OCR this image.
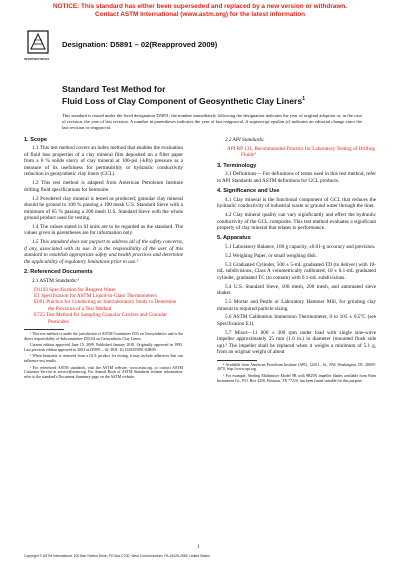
NOTICE: This standard has either been superseded and replaced by a new version or withdrawn.
Contact ASTM International (www.astm.org) for the latest information
INTERNATIONAL
Designation: D5891 – 02(Reapproved 2009)
Standard Test Method for
Fluid Loss of Clay Component of Geosynthetic Clay Liners$^1$
This standard is issued under the fixed designation D5891; the number immediately following the designation indicates the year of original adoption or, in the case of revision, the year of last revision. A number in parentheses indicates the year of last reapproval. A superscript epsilon (ε) indicates an editorial change since the last revision or reapproval.
1. Scope
1.1 This test method covers an index method that enables the evaluation of fluid loss properties of a clay mineral film deposited on a filter paper from a 6 % solids slurry of clay mineral at 100-psi (-kPa) pressure as a measure of its usefulness for permeability or hydraulic conductivity reduction in geosynthetic clay liners (GCL).
1.2 This test method is adapted from American Petroleum Institute drilling fluid specifications for bentonite.
1.3 Powdered clay mineral is tested as produced; granular clay mineral should be ground to 100 % passing a 100 mesh U.S. Standard Sieve with a minimum of 65 % passing a 200 mesh U.S. Standard Sieve with the whole ground product used for testing.
1.4 The values stated in SI units are to be regarded as the standard. The values given in parentheses are for information only.
1.5 This standard does not purport to address all of the safety concerns, if any, associated with its use. It is the responsibility of the user of this standard to establish appropriate safety and health practices and determine the applicability of regulatory limitations prior to use.²
2. Referenced Documents
2.1 ASTM Standards:³
D1193 Specification for Reagent Water
E1 Specification for ASTM Liquid-in-Glass Thermometers
E691 Practice for Conducting an Interlaboratory Study to Determine the Precision of a Test Method
E725 Test Method for Sampling Granular Carriers and Granular Pesticides
¹ This test method is under the jurisdiction of ASTM Committee D35 on Geosynthetics and is the direct responsibility of Subcommittee D35.04 on Geosynthetic Clay Liners.
Current edition approved June 15, 2009. Published January 2010. Originally approved in 1995. Last previous edition approved in 2002 as D5891 – 02. DOI: 10.1520/D5891-02R09.
² When bentonite is removed from a GCL product for testing, it may include adhesives that can influence test results.
³ For referenced ASTM standards, visit the ASTM website, www.astm.org, or contact ASTM Customer Service at service@astm.org. For Annual Book of ASTM Standards volume information, refer to the standard's Document Summary page on the ASTM website.
2.2 API Standards:
API RP 131, Recommended Practice for Laboratory Testing of Drilling Fluids⁴
3. Terminology
3.1 Definitions— For definitions of terms used in this test method, refer to API Standards and ASTM definitions for GCL products.
4. Significance and Use
4.1 Clay mineral is the functional component of GCL that reduces the hydraulic conductivity of industrial waste or ground water through the liner.
4.2 Clay mineral quality can vary significantly and effect the hydraulic conductivity of the GCL composite. This test method evaluates a significant property of clay mineral that relates to performance.
5. Apparatus
5.1 Laboratory Balance, 100 g capacity, ±0.01-g accuracy and precision.
5.2 Weighing Paper, or small weighing dish.
5.3 Graduated Cylinder, 500 ± 5-mL graduated TD (to deliver) with 10-mL subdivisions, Class A volumetrically calibrated; 10 ± 0.1-mL graduated cylinder, graduated TC (to contain) with 0.1-mL subdivisions.
5.4 U.S. Standard Sieve, 100 mesh, 200 mesh, and automated sieve shaker.
5.5 Mortar and Pestle or Laboratory Hammer Mill, for grinding clay mineral to required particle sizing.
5.6 ASTM Calibration Immersion Thermometer, 0 to 105 ± 0.5°C (see Specification E1).
5.7 Mixer—11 000 ± 300 rpm under load with single sine-wave impeller approximately 25 mm (1.0 in.) in diameter (mounted flush side up).⁵ The impeller shall be replaced when it weighs a minimum of 5.1 g, from an original weight of about
⁴ Available from American Petroleum Institute (API), 1220 L. St., NW, Washington, DC 20005-4070, http://www.api.org.
⁵ For example, Sterling Multimixer Model 9B with 9B29X impeller blades available from Fann Instrument Co., P.O. Box 4350, Houston, TX 77210, has been found suitable for this purpose.
1
Copyright © ASTM International, 100 Barr Harbor Drive, PO Box C700, West Conshohocken, PA 19428-2959. United States
